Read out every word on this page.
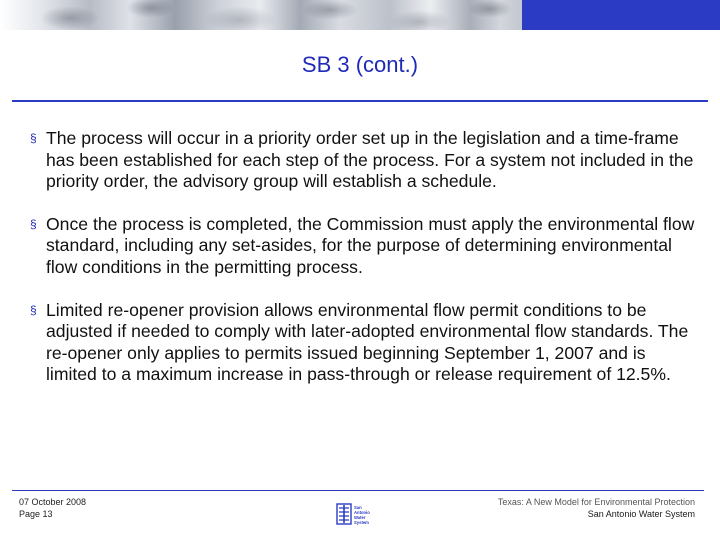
SB 3 (cont.)
§ The process will occur in a priority order set up in the legislation and a time-frame has been established for each step of the process. For a system not included in the priority order, the advisory group will establish a schedule.
§ Once the process is completed, the Commission must apply the environmental flow standard, including any set-asides, for the purpose of determining environmental flow conditions in the permitting process.
§ Limited re-opener provision allows environmental flow permit conditions to be adjusted if needed to comply with later-adopted environmental flow standards. The re-opener only applies to permits issued beginning September 1, 2007 and is limited to a maximum increase in pass-through or release requirement of 12.5%.
07 October 2008
Page 13
San
Antonio
Water
System
Texas: A New Model for Environmental Protection
San Antonio Water System
